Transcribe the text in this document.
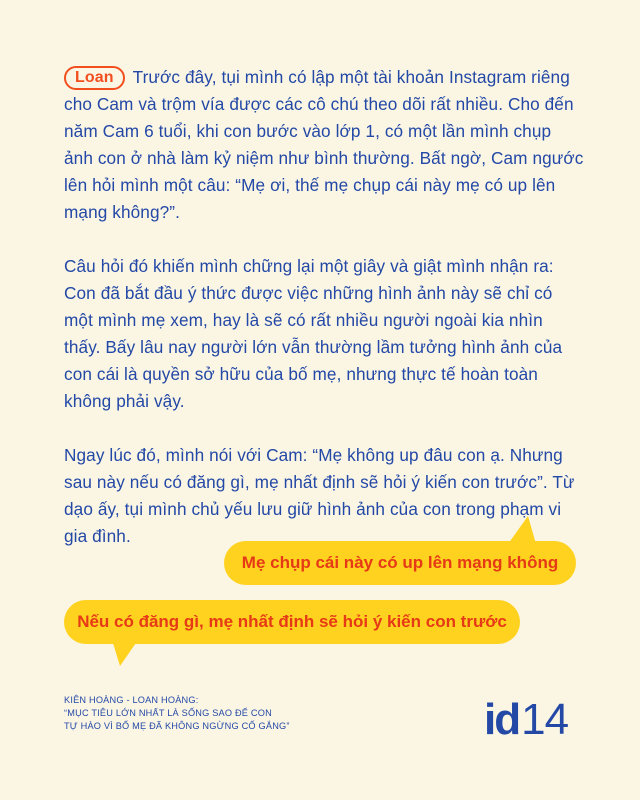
Loan Trước đây, tụi mình có lập một tài khoản Instagram riêng cho Cam và trộm vía được các cô chú theo dõi rất nhiều. Cho đến năm Cam 6 tuổi, khi con bước vào lớp 1, có một lần mình chụp ảnh con ở nhà làm kỷ niệm như bình thường. Bất ngờ, Cam ngước lên hỏi mình một câu: “Mẹ ơi, thế mẹ chụp cái này mẹ có up lên mạng không?”.

Câu hỏi đó khiến mình chững lại một giây và giật mình nhận ra: Con đã bắt đầu ý thức được việc những hình ảnh này sẽ chỉ có một mình mẹ xem, hay là sẽ có rất nhiều người ngoài kia nhìn thấy. Bấy lâu nay người lớn vẫn thường lầm tưởng hình ảnh của con cái là quyền sở hữu của bố mẹ, nhưng thực tế hoàn toàn không phải vậy.

Ngay lúc đó, mình nói với Cam: “Mẹ không up đâu con ạ. Nhưng sau này nếu có đăng gì, mẹ nhất định sẽ hỏi ý kiến con trước”. Từ dạo ấy, tụi mình chủ yếu lưu giữ hình ảnh của con trong phạm vi gia đình.

Mẹ chụp cái này có up lên mạng không
Nếu có đăng gì, mẹ nhất định sẽ hỏi ý kiến con trước
KIÊN HOÀNG - LOAN HOÀNG:
“MỤC TIÊU LỚN NHẤT LÀ SỐNG SAO ĐỂ CON
TỰ HÀO VÌ BỐ MẸ ĐÃ KHÔNG NGỪNG CỐ GẮNG”	id 14
